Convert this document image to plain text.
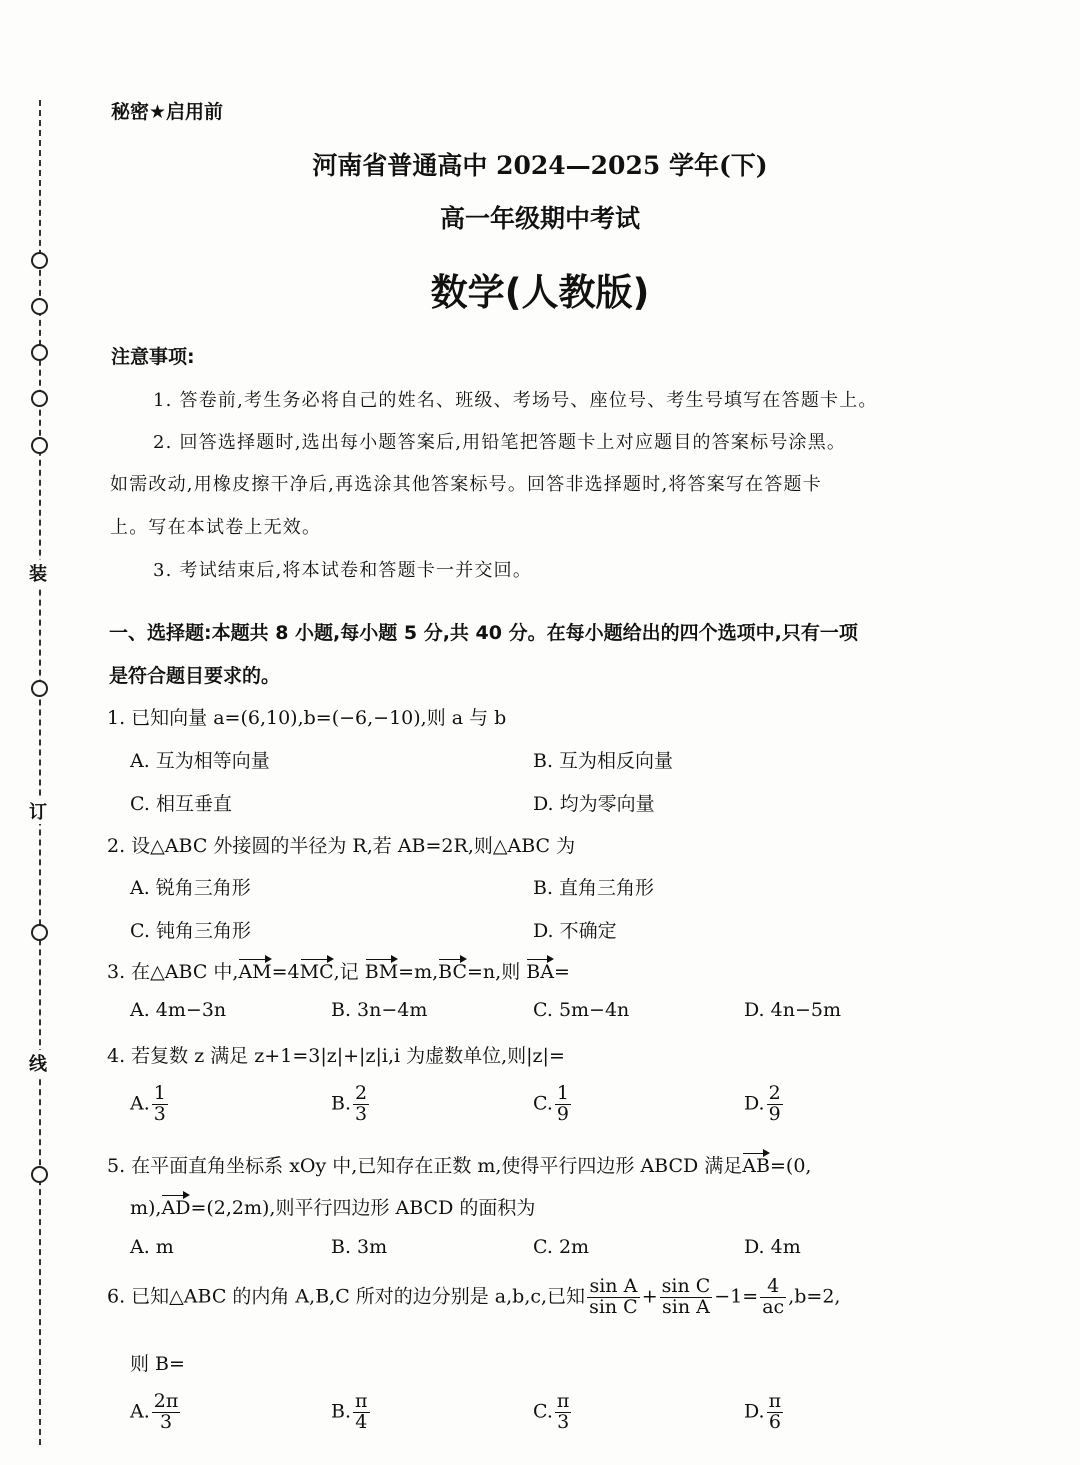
装
订
线
秘密★启用前
河南省普通高中 2024—2025 学年(下)
高一年级期中考试
数学(人教版)
注意事项:
1. 答卷前,考生务必将自己的姓名、班级、考场号、座位号、考生号填写在答题卡上。
2. 回答选择题时,选出每小题答案后,用铅笔把答题卡上对应题目的答案标号涂黑。
如需改动,用橡皮擦干净后,再选涂其他答案标号。回答非选择题时,将答案写在答题卡
上。写在本试卷上无效。
3. 考试结束后,将本试卷和答题卡一并交回。
一、选择题:本题共 8 小题,每小题 5 分,共 40 分。在每小题给出的四个选项中,只有一项
是符合题目要求的。
1. 已知向量 a=(6,10),b=(−6,−10),则 a 与 b
A. 互为相等向量	B. 互为相反向量
C. 相互垂直	D. 均为零向量
2. 设△ABC 外接圆的半径为 R,若 AB=2R,则△ABC 为
A. 锐角三角形	B. 直角三角形
C. 钝角三角形	D. 不确定
3. 在△ABC 中,AM=4MC,记 BM=m,BC=n,则 BA=
A. 4m−3n	B. 3n−4m	C. 5m−4n	D. 4n−5m
4. 若复数 z 满足 z+1=3|z|+|z|i,i 为虚数单位,则|z|=
A. $\frac{1}{3}$	B. $\frac{2}{3}$	C. $\frac{1}{9}$	D. $\frac{2}{9}$
5. 在平面直角坐标系 xOy 中,已知存在正数 m,使得平行四边形 ABCD 满足AB=(0,
m),AD=(2,2m),则平行四边形 ABCD 的面积为
A. m	B. 3m	C. 2m	D. 4m
6. 已知△ABC 的内角 A,B,C 所对的边分别是 a,b,c,已知 $\frac{\text{sin A}}{\text{sin C}} + \frac{\text{sin C}}{\text{sin A}} -1= \frac{4}{ac} ,b=2$,
则 B=
A. $\frac{2\pi}{3}$	B. $\frac{\pi}{4}$	C. $\frac{\pi}{3}$	D. $\frac{\pi}{6}$
